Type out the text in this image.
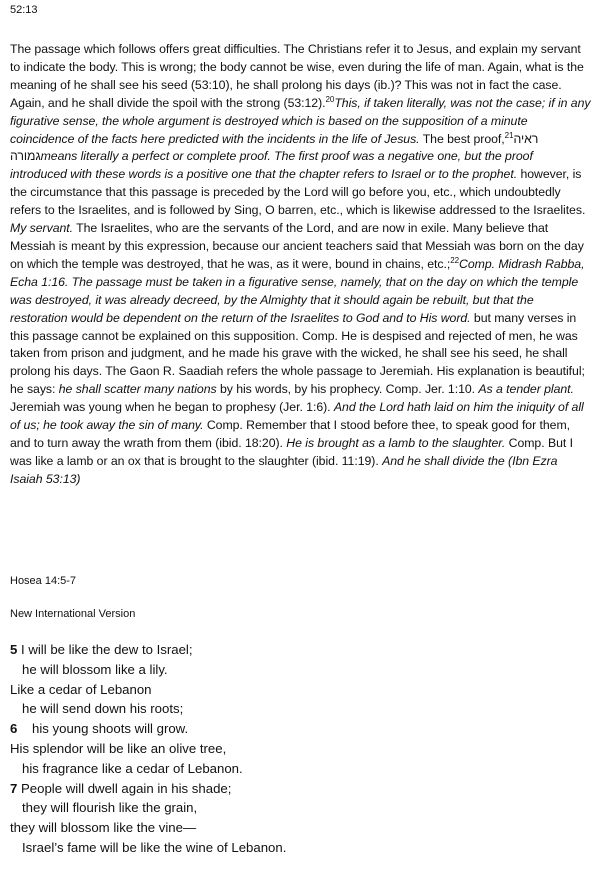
52:13

The passage which follows offers great difficulties. The Christians refer it to Jesus, and explain my servant to indicate the body. This is wrong; the body cannot be wise, even during the life of man. Again, what is the meaning of he shall see his seed (53:10), he shall prolong his days (ib.)? This was not in fact the case. Again, and he shall divide the spoil with the strong (53:12).$^{20}$This, if taken literally, was not the case; if in any figurative sense, the whole argument is destroyed which is based on the supposition of a minute coincidence of the facts here predicted with the incidents in the life of Jesus. The best proof,$^{21}$ראיה גמורהmeans literally a perfect or complete proof. The first proof was a negative one, but the proof introduced with these words is a positive one that the chapter refers to Israel or to the prophet. however, is the circumstance that this passage is preceded by the Lord will go before you, etc., which undoubtedly refers to the Israelites, and is followed by Sing, O barren, etc., which is likewise addressed to the Israelites. My servant. The Israelites, who are the servants of the Lord, and are now in exile. Many believe that Messiah is meant by this expression, because our ancient teachers said that Messiah was born on the day on which the temple was destroyed, that he was, as it were, bound in chains, etc.;$^{22}$Comp. Midrash Rabba, Echa 1:16. The passage must be taken in a figurative sense, namely, that on the day on which the temple was destroyed, it was already decreed, by the Almighty that it should again be rebuilt, but that the restoration would be dependent on the return of the Israelites to God and to His word. but many verses in this passage cannot be explained on this supposition. Comp. He is despised and rejected of men, he was taken from prison and judgment, and he made his grave with the wicked, he shall see his seed, he shall prolong his days. The Gaon R. Saadiah refers the whole passage to Jeremiah. His explanation is beautiful; he says: he shall scatter many nations by his words, by his prophecy. Comp. Jer. 1:10. As a tender plant. Jeremiah was young when he began to prophesy (Jer. 1:6). And the Lord hath laid on him the iniquity of all of us; he took away the sin of many. Comp. Remember that I stood before thee, to speak good for them, and to turn away the wrath from them (ibid. 18:20). He is brought as a lamb to the slaughter. Comp. But I was like a lamb or an ox that is brought to the slaughter (ibid. 11:19). And he shall divide the (Ibn Ezra Isaiah 53:13)

Hosea 14:5-7

New International Version

5 I will be like the dew to Israel;
he will blossom like a lily.
Like a cedar of Lebanon
he will send down his roots;
6    his young shoots will grow.
His splendor will be like an olive tree,
his fragrance like a cedar of Lebanon.
7 People will dwell again in his shade;
they will flourish like the grain,
they will blossom like the vine—
Israel’s fame will be like the wine of Lebanon.
